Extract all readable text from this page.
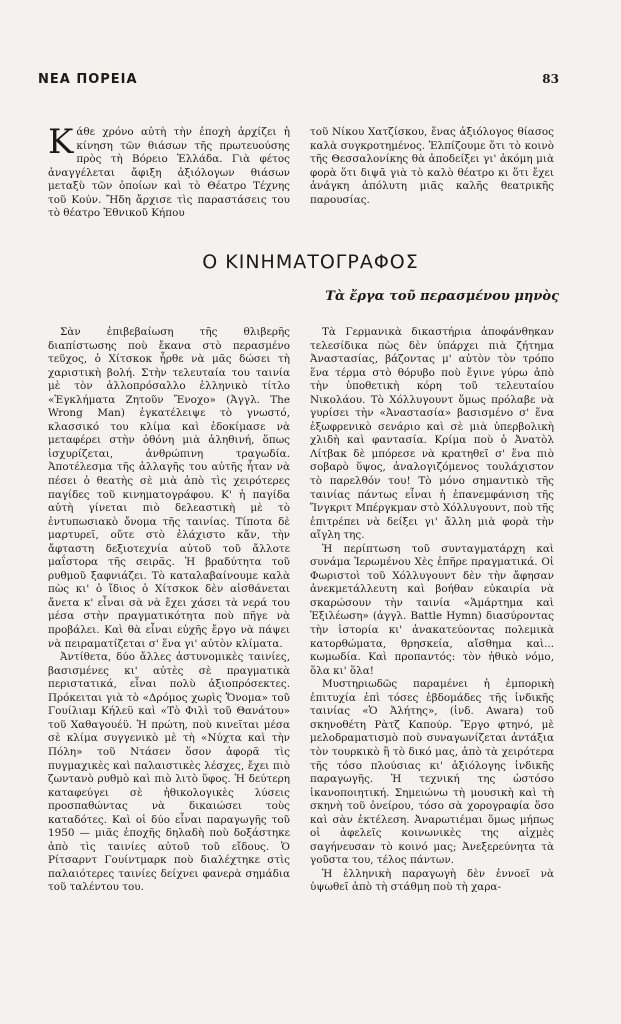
ΝΕΑ ΠΟΡΕΙΑ	83

Κάθε χρόνο αὐτὴ τὴν ἐποχὴ ἀρχίζει ἡ κίνηση τῶν θιάσων τῆς πρωτευούσης πρὸς τὴ Βόρειο Ἑλλάδα. Γιὰ φέτος ἀναγγέλεται ἄφιξη ἀξιόλογων θιάσων μεταξὺ τῶν ὁποίων καὶ τὸ Θέατρο Τέχνης τοῦ Κούν. Ἤδη ἄρχισε τὶς παραστάσεις του τὸ θέατρο Ἐθνικοῦ Κήπου

τοῦ Νίκου Χατζίσκου, ἕνας ἀξιόλογος θίασος καλὰ συγκροτημένος. Ἐλπίζουμε ὅτι τὸ κοινὸ τῆς Θεσσαλονίκης θὰ ἀποδείξει γι' ἀκόμη μιὰ φορὰ ὅτι διψᾶ γιὰ τὸ καλὸ θέατρο κι ὅτι ἔχει ἀνάγκη ἀπόλυτη μιᾶς καλῆς θεατρικῆς παρουσίας.

Ο ΚΙΝΗΜΑΤΟΓΡΑΦΟΣ
Τὰ ἔργα τοῦ περασμένου μηνὸς

Σὰν ἐπιβεβαίωση τῆς θλιβερῆς διαπίστωσης ποὺ ἔκανα στὸ περασμένο τεῦχος, ὁ Χίτσκοκ ἦρθε νὰ μᾶς δώσει τὴ χαριστικὴ βολή. Στὴν τελευταία του ταινία μὲ τὸν ἀλλοπρόσαλλο ἑλληνικὸ τίτλο «Ἐγκλήματα Ζητοῦν Ἔνοχο» (Ἀγγλ. The Wrong Man) ἐγκατέλειψε τὸ γνωστό, κλασσικό του κλίμα καὶ ἐδοκίμασε νὰ μεταφέρει στὴν ὀθόνη μιὰ ἀληθινή, ὅπως ἰσχυρίζεται, ἀνθρώπινη τραγωδία. Ἀποτέλεσμα τῆς ἀλλαγῆς του αὐτῆς ἦταν νὰ πέσει ὁ θεατὴς σὲ μιὰ ἀπὸ τὶς χειρότερες παγίδες τοῦ κινηματογράφου. Κ' ἡ παγίδα αὐτὴ γίνεται πιὸ δελεαστικὴ μὲ τὸ ἐντυπωσιακὸ ὄνομα τῆς ταινίας. Τίποτα δὲ μαρτυρεῖ, οὔτε στὸ ἐλάχιστο κἄν, τὴν ἄφταστη δεξιοτεχνία αὐτοῦ τοῦ ἄλλοτε μαΐστορα τῆς σειρᾶς. Ἡ βραδύτητα τοῦ ρυθμοῦ ξαφνιάζει. Τὸ καταλαβαίνουμε καλὰ πὼς κι' ὁ ἴδιος ὁ Χίτσκοκ δὲν αἰσθάνεται ἄνετα κ' εἶναι σὰ νὰ ἔχει χάσει τὰ νερά του μέσα στὴν πραγματικότητα ποὺ πῆγε νὰ προβάλει. Καὶ θὰ εἶναι εὐχῆς ἔργο νὰ πάψει νὰ πειραματίζεται σ' ἕνα γι' αὐτὸν κλίματα.

Ἀντίθετα, δύο ἄλλες ἀστυνομικὲς ταινίες, βασισμένες κι' αὐτὲς σὲ πραγματικὰ περιστατικά, εἶναι πολὺ ἀξιοπρόσεκτες. Πρόκειται γιὰ τὸ «Δρόμος χωρὶς Ὄνομα» τοῦ Γουίλιαμ Κήλεϋ καὶ «Τὸ Φιλὶ τοῦ Θανάτου» τοῦ Χαθαγουέϋ. Ἡ πρώτη, ποὺ κινεῖται μέσα σὲ κλίμα συγγενικὸ μὲ τὴ «Νύχτα καὶ τὴν Πόλη» τοῦ Ντάσεν ὅσον ἀφορᾶ τὶς πυγμαχικὲς καὶ παλαιστικὲς λέσχες, ἔχει πιὸ ζωντανὸ ρυθμὸ καὶ πιὸ λιτὸ ὕφος. Ἡ δεύτερη καταφεύγει σὲ ἠθικολογικὲς λύσεις προσπαθώντας νὰ δικαιώσει τοὺς καταδότες. Καὶ οἱ δύο εἶναι παραγωγῆς τοῦ 1950 — μιᾶς ἐποχῆς δηλαδὴ ποὺ δοξάστηκε ἀπὸ τὶς ταινίες αὐτοῦ τοῦ εἴδους. Ὁ Ρίτσαρντ Γουίντμαρκ ποὺ διαλέχτηκε στὶς παλαιότερες ταινίες δείχνει φανερὰ σημάδια τοῦ ταλέντου του.

Τὰ Γερμανικὰ δικαστήρια ἀποφάνθηκαν τελεσίδικα πὼς δὲν ὑπάρχει πιὰ ζήτημα Ἀναστασίας, βάζοντας μ' αὐτὸν τὸν τρόπο ἕνα τέρμα στὸ θόρυβο ποὺ ἔγινε γύρω ἀπὸ τὴν ὑποθετικὴ κόρη τοῦ τελευταίου Νικολάου. Τὸ Χόλλυγουντ ὅμως πρόλαβε νὰ γυρίσει τὴν «Ἀναστασία» βασισμένο σ' ἕνα ἐξωφρενικὸ σενάριο καὶ σὲ μιὰ ὑπερβολικὴ χλιδὴ καὶ φαντασία. Κρίμα ποὺ ὁ Ἀνατὸλ Λίτβακ δὲ μπόρεσε νὰ κρατηθεῖ σ' ἕνα πιὸ σοβαρὸ ὕψος, ἀναλογιζόμενος τουλάχιστον τὸ παρελθόν του! Τὸ μόνο σημαντικὸ τῆς ταινίας πάντως εἶναι ἡ ἐπανεμφάνιση τῆς Ἴνγκριτ Μπέργκμαν στὸ Χόλλυγουντ, ποὺ τῆς ἐπιτρέπει νὰ δείξει γι' ἄλλη μιὰ φορὰ τὴν αἴγλη της.

Ἡ περίπτωση τοῦ συνταγματάρχη καὶ συνάμα Ἱερωμένου Χὲς ἐπῆρε πραγματικά. Οἱ Φωριστοὶ τοῦ Χόλλυγουντ δὲν τὴν ἄφησαν ἀνεκμετάλλευτη καὶ βοήθαν εὐκαιρία νὰ σκαρώσουν τὴν ταινία «Ἁμάρτημα καὶ Ἐξιλέωση» (ἀγγλ. Battle Hymn) διασύροντας τὴν ἱστορία κι' ἀνακατεύοντας πολεμικὰ κατορθώματα, θρησκεία, αἴσθημα καὶ... κωμωδία. Καὶ προπαντός: τὸν ἠθικὸ νόμο, ὅλα κι' ὅλα!

Μυστηριωδῶς παραμένει ἡ ἐμπορικὴ ἐπιτυχία ἐπὶ τόσες ἑβδομάδες τῆς ἰνδικῆς ταινίας «Ὁ Ἀλήτης», (ἰνδ. Awara) τοῦ σκηνοθέτη Ρὰτζ Καπούρ. Ἔργο φτηνό, μὲ μελοδραματισμὸ ποὺ συναγωνίζεται ἀντάξια τὸν τουρκικὸ ἢ τὸ δικό μας, ἀπὸ τὰ χειρότερα τῆς τόσο πλούσιας κι' ἀξιόλογης ἰνδικῆς παραγωγῆς. Ἡ τεχνική της ὡστόσο ἱκανοποιητική. Σημειώνω τὴ μουσικὴ καὶ τὴ σκηνὴ τοῦ ὀνείρου, τόσο σὰ χορογραφία ὅσο καὶ σὰν ἐκτέλεση. Ἀναρωτιέμαι ὅμως μήπως οἱ ἀφελεῖς κοινωνικὲς της αἰχμὲς σαγήνευσαν τὸ κοινό μας; Ἀνεξερεύνητα τὰ γοῦστα του, τέλος πάντων.

Ἡ ἑλληνικὴ παραγωγὴ δὲν ἐννοεῖ νὰ ὑψωθεῖ ἀπὸ τὴ στάθμη ποὺ τὴ χαρα-
